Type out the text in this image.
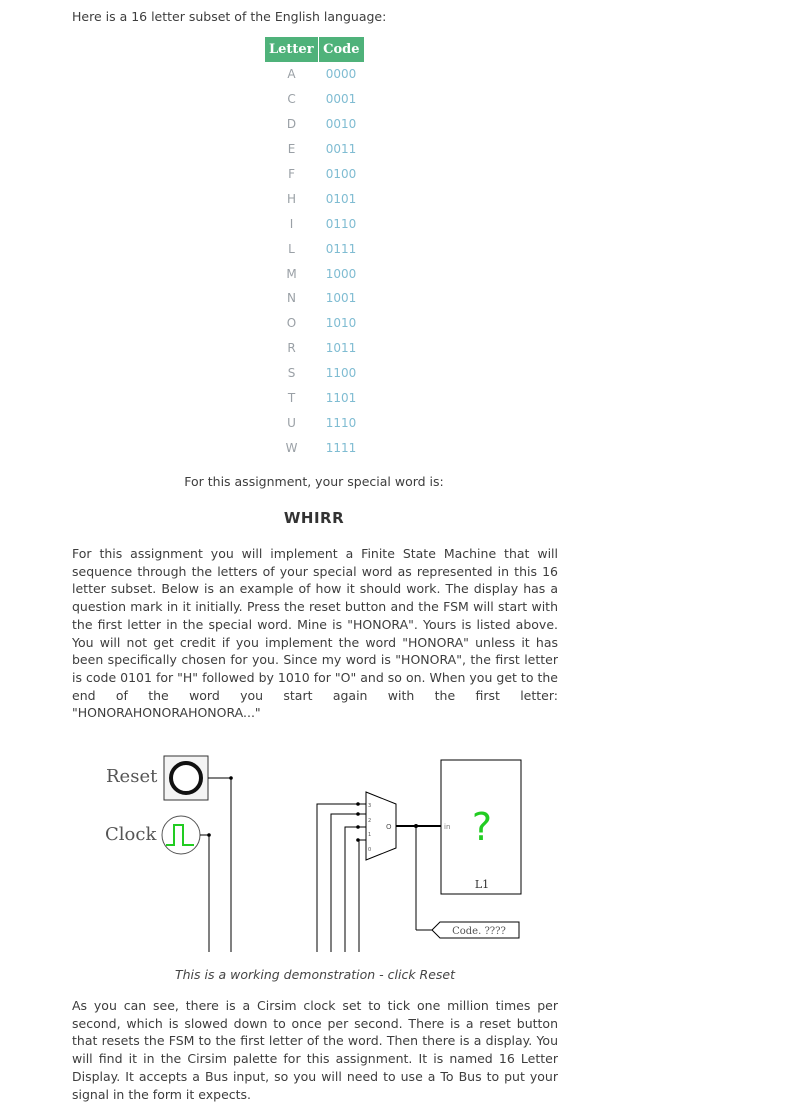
Here is a 16 letter subset of the English language:
Letter	Code
A	0000
C	0001
D	0010
E	0011
F	0100
H	0101
I	0110
L	0111
M	1000
N	1001
O	1010
R	1011
S	1100
T	1101
U	1110
W	1111
For this assignment, your special word is:
WHIRR
For this assignment you will implement a Finite State Machine that will sequence through the letters of your special word as represented in this 16 letter subset. Below is an example of how it should work. The display has a question mark in it initially. Press the reset button and the FSM will start with the first letter in the special word. Mine is "HONORA". Yours is listed above. You will not get credit if you implement the word "HONORA" unless it has been specifically chosen for you. Since my word is "HONORA", the first letter is code 0101 for "H" followed by 1010 for "O" and so on. When you get to the end of the word you start again with the first letter: "HONORAHONORAHONORA..."
Reset
Clock
3
2
1
0
O	in ?
L1
Code. ????
This is a working demonstration - click Reset
As you can see, there is a Cirsim clock set to tick one million times per second, which is slowed down to once per second. There is a reset button that resets the FSM to the first letter of the word. Then there is a display. You will find it in the Cirsim palette for this assignment. It is named 16 Letter Display. It accepts a Bus input, so you will need to use a To Bus to put your signal in the form it expects.
